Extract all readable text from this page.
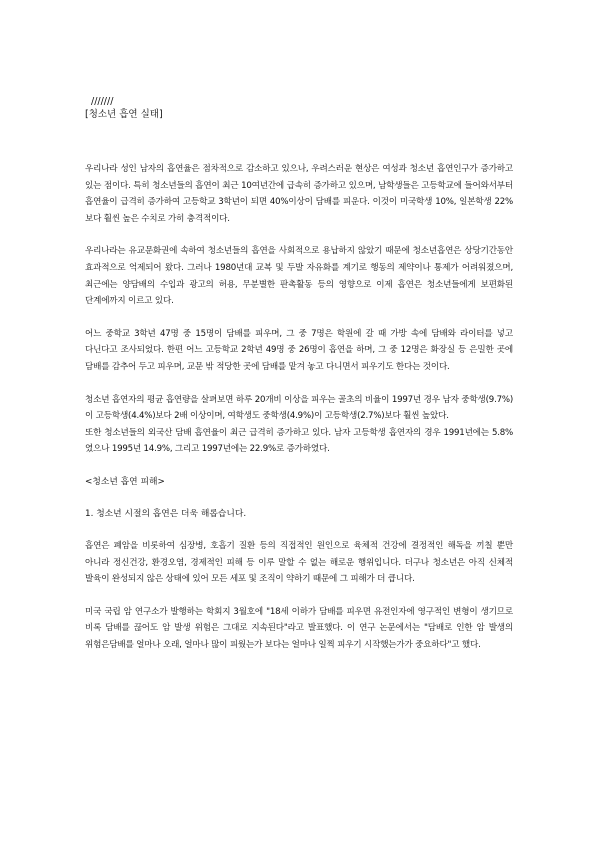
///////
[청소년 흡연 실태]

우리나라 성인 남자의 흡연율은 점차적으로 감소하고 있으나, 우려스러운 현상은 여성과 청소년 흡연인구가 증가하고 있는 점이다. 특히 청소년들의 흡연이 최근 10여년간에 급속히 증가하고 있으며, 남학생들은 고등학교에 들어와서부터 흡연율이 급격히 증가하여 고등학교 3학년이 되면 40%이상이 담배를 피운다. 이것이 미국학생 10%, 일본학생 22%보다 훨씬 높은 수치로 가히 충격적이다.

우리나라는 유교문화권에 속하여 청소년들의 흡연을 사회적으로 용납하지 않았기 때문에 청소년흡연은 상당기간동안 효과적으로 억제되어 왔다. 그러나 1980년대 교복 및 두발 자유화를 계기로 행동의 제약이나 통제가 어려워졌으며, 최근에는 양담배의 수입과 광고의 허용, 무분별한 판촉활동 등의 영향으로 이제 흡연은 청소년들에게 보편화된 단계에까지 이르고 있다.

어느 중학교 3학년 47명 중 15명이 담배를 피우며, 그 중 7명은 학원에 갈 때 가방 속에 담배와 라이터를 넣고 다닌다고 조사되었다. 한편 어느 고등학교 2학년 49명 중 26명이 흡연을 하며, 그 중 12명은 화장실 등 은밀한 곳에 담배를 감추어 두고 피우며, 교문 밖 적당한 곳에 담배를 맡겨 놓고 다니면서 피우기도 한다는 것이다.

청소년 흡연자의 평균 흡연량을 살펴보면 하루 20개비 이상을 피우는 골초의 비율이 1997년 경우 남자 중학생(9.7%)이 고등학생(4.4%)보다 2배 이상이며, 여학생도 중학생(4.9%)이 고등학생(2.7%)보다 훨씬 높았다.

또한 청소년들의 외국산 담배 흡연율이 최근 급격히 증가하고 있다. 남자 고등학생 흡연자의 경우 1991년에는 5.8%였으나 1995년 14.9%, 그리고 1997년에는 22.9%로 증가하였다.

<청소년 흡연 피해>
1. 청소년 시절의 흡연은 더욱 해롭습니다.

흡연은 폐암을 비롯하여 심장병, 호흡기 질환 등의 직접적인 원인으로 육체적 건강에 결정적인 해독을 끼칠 뿐만 아니라 정신건강, 환경오염, 경제적인 피해 등 이루 말할 수 없는 해로운 행위입니다. 더구나 청소년은 아직 신체적 발육이 완성되지 않은 상태에 있어 모든 세포 및 조직이 약하기 때문에 그 피해가 더 큽니다.

미국 국립 암 연구소가 발행하는 학회지 3월호에 "18세 이하가 담배를 피우면 유전인자에 영구적인 변형이 생기므로 비록 담배를 끊어도 암 발생 위험은 그대로 지속된다"라고 발표했다. 이 연구 논문에서는 "담배로 인한 암 발생의 위험은담배를 얼마나 오래, 얼마나 많이 피웠는가 보다는 얼마나 일찍 피우기 시작했는가가 중요하다"고 했다.
